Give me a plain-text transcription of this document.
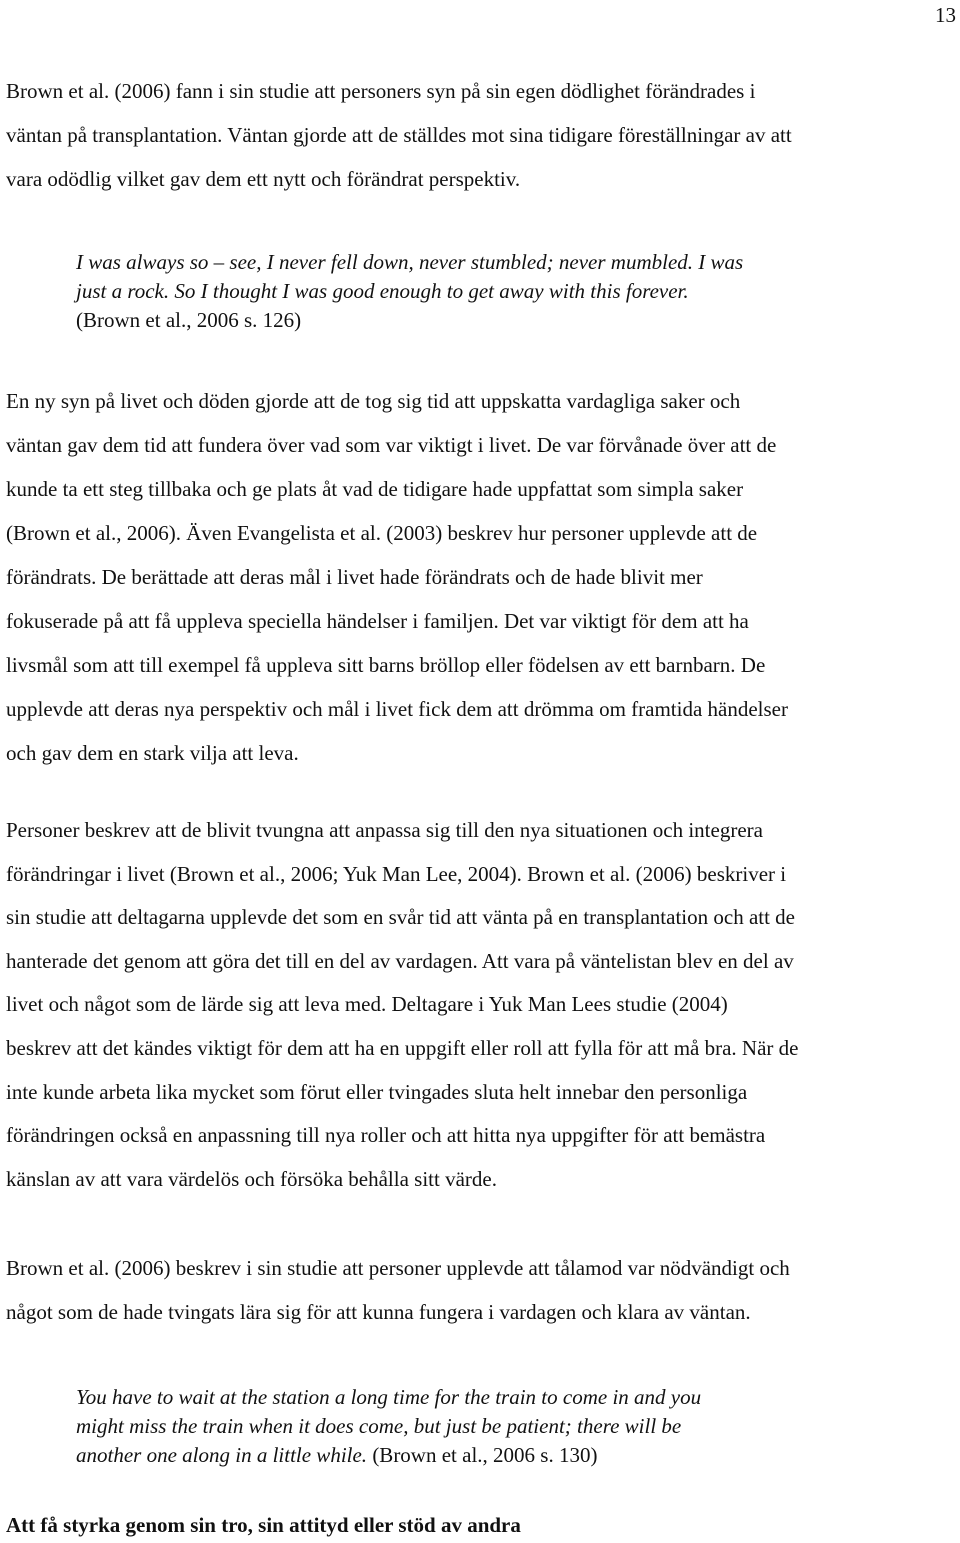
13

Brown et al. (2006) fann i sin studie att personers syn på sin egen dödlighet förändrades i
väntan på transplantation. Väntan gjorde att de ställdes mot sina tidigare föreställningar av att
vara odödlig vilket gav dem ett nytt och förändrat perspektiv.

I was always so – see, I never fell down, never stumbled; never mumbled. I was
just a rock. So I thought I was good enough to get away with this forever.
(Brown et al., 2006 s. 126)

En ny syn på livet och döden gjorde att de tog sig tid att uppskatta vardagliga saker och
väntan gav dem tid att fundera över vad som var viktigt i livet. De var förvånade över att de
kunde ta ett steg tillbaka och ge plats åt vad de tidigare hade uppfattat som simpla saker
(Brown et al., 2006). Även Evangelista et al. (2003) beskrev hur personer upplevde att de
förändrats. De berättade att deras mål i livet hade förändrats och de hade blivit mer
fokuserade på att få uppleva speciella händelser i familjen. Det var viktigt för dem att ha
livsmål som att till exempel få uppleva sitt barns bröllop eller födelsen av ett barnbarn. De
upplevde att deras nya perspektiv och mål i livet fick dem att drömma om framtida händelser
och gav dem en stark vilja att leva.

Personer beskrev att de blivit tvungna att anpassa sig till den nya situationen och integrera
förändringar i livet (Brown et al., 2006; Yuk Man Lee, 2004). Brown et al. (2006) beskriver i
sin studie att deltagarna upplevde det som en svår tid att vänta på en transplantation och att de
hanterade det genom att göra det till en del av vardagen. Att vara på väntelistan blev en del av
livet och något som de lärde sig att leva med. Deltagare i Yuk Man Lees studie (2004)
beskrev att det kändes viktigt för dem att ha en uppgift eller roll att fylla för att må bra. När de
inte kunde arbeta lika mycket som förut eller tvingades sluta helt innebar den personliga
förändringen också en anpassning till nya roller och att hitta nya uppgifter för att bemästra
känslan av att vara värdelös och försöka behålla sitt värde.

Brown et al. (2006) beskrev i sin studie att personer upplevde att tålamod var nödvändigt och
något som de hade tvingats lära sig för att kunna fungera i vardagen och klara av väntan.

You have to wait at the station a long time for the train to come in and you
might miss the train when it does come, but just be patient; there will be
another one along in a little while. (Brown et al., 2006 s. 130)

Att få styrka genom sin tro, sin attityd eller stöd av andra
